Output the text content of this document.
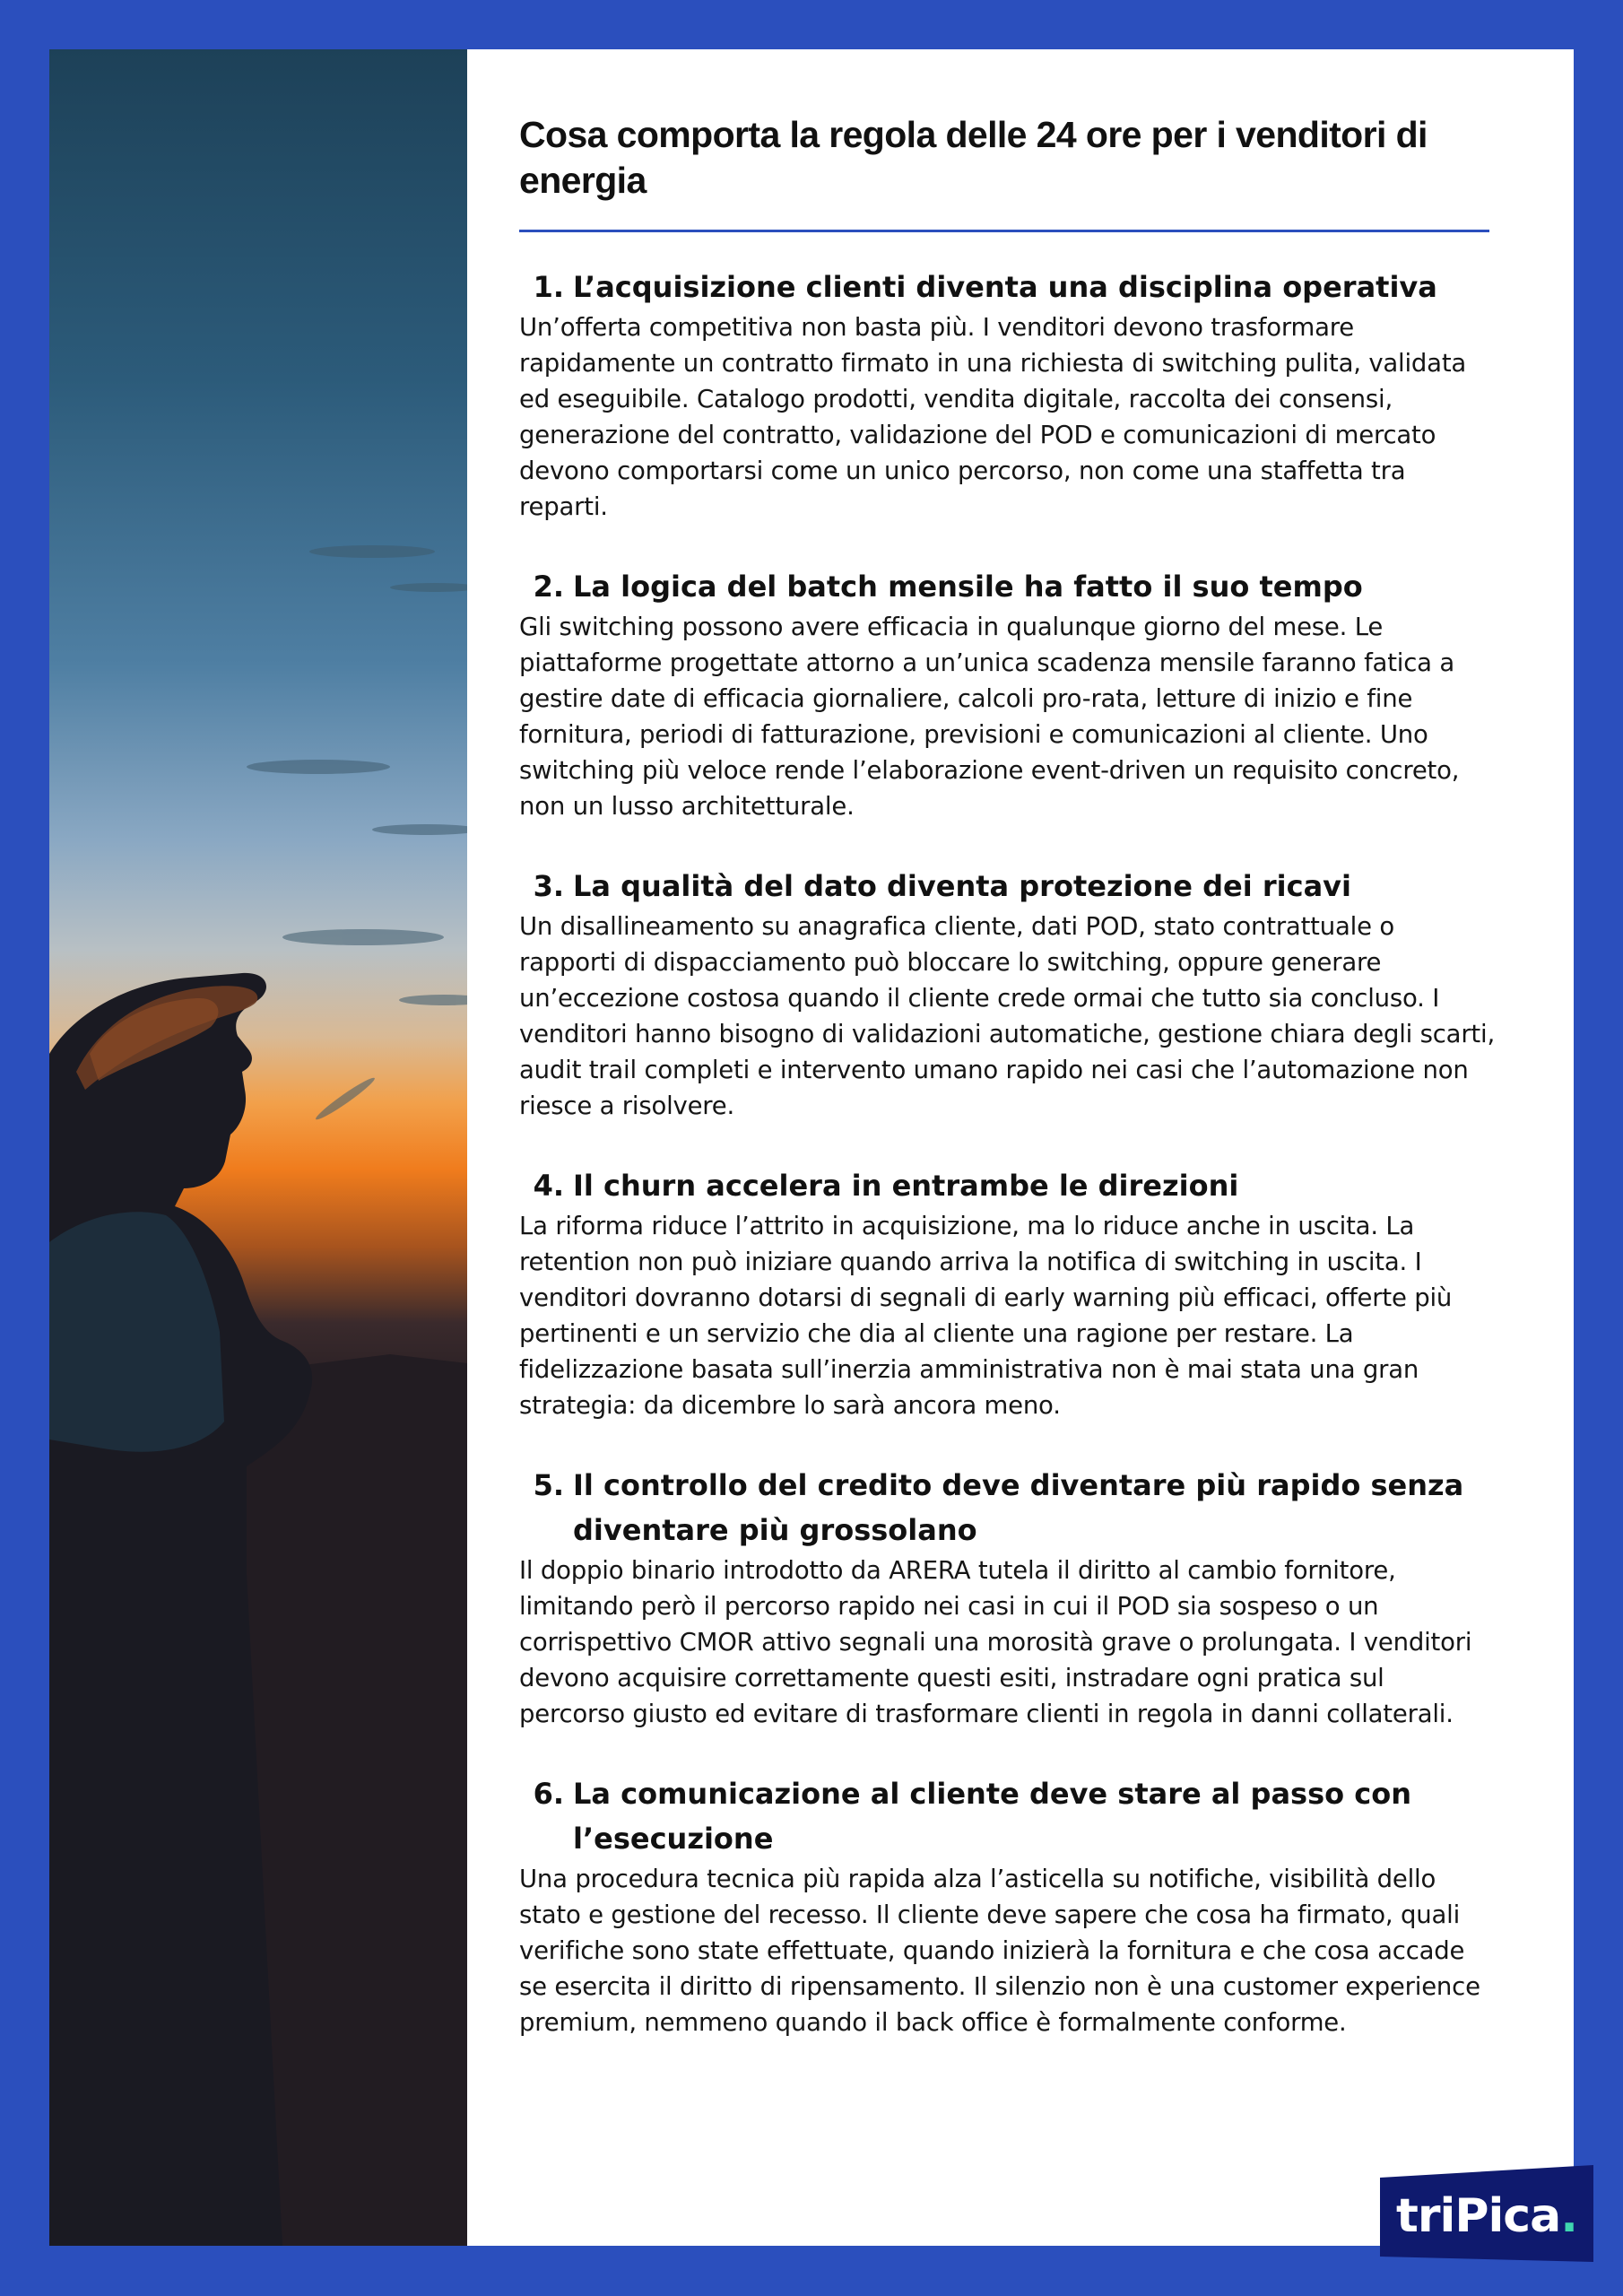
Cosa comporta la regola delle 24 ore per i venditori di energia
1. L’acquisizione clienti diventa una disciplina operativa

Un’offerta competitiva non basta più. I venditori devono trasformare rapidamente un contratto firmato in una richiesta di switching pulita, validata ed eseguibile. Catalogo prodotti, vendita digitale, raccolta dei consensi, generazione del contratto, validazione del POD e comunicazioni di mercato devono comportarsi come un unico percorso, non come una staffetta tra reparti.

2. La logica del batch mensile ha fatto il suo tempo

Gli switching possono avere efficacia in qualunque giorno del mese. Le piattaforme progettate attorno a un’unica scadenza mensile faranno fatica a gestire date di efficacia giornaliere, calcoli pro-rata, letture di inizio e fine fornitura, periodi di fatturazione, previsioni e comunicazioni al cliente. Uno switching più veloce rende l’elaborazione event-driven un requisito concreto, non un lusso architetturale.

3. La qualità del dato diventa protezione dei ricavi

Un disallineamento su anagrafica cliente, dati POD, stato contrattuale o rapporti di dispacciamento può bloccare lo switching, oppure generare un’eccezione costosa quando il cliente crede ormai che tutto sia concluso. I venditori hanno bisogno di validazioni automatiche, gestione chiara degli scarti, audit trail completi e intervento umano rapido nei casi che l’automazione non riesce a risolvere.

4. Il churn accelera in entrambe le direzioni

La riforma riduce l’attrito in acquisizione, ma lo riduce anche in uscita. La retention non può iniziare quando arriva la notifica di switching in uscita. I venditori dovranno dotarsi di segnali di early warning più efficaci, offerte più pertinenti e un servizio che dia al cliente una ragione per restare. La fidelizzazione basata sull’inerzia amministrativa non è mai stata una gran strategia: da dicembre lo sarà ancora meno.

5. Il controllo del credito deve diventare più rapido senza diventare più grossolano

Il doppio binario introdotto da ARERA tutela il diritto al cambio fornitore, limitando però il percorso rapido nei casi in cui il POD sia sospeso o un corrispettivo CMOR attivo segnali una morosità grave o prolungata. I venditori devono acquisire correttamente questi esiti, instradare ogni pratica sul percorso giusto ed evitare di trasformare clienti in regola in danni collaterali.

6. La comunicazione al cliente deve stare al passo con l’esecuzione

Una procedura tecnica più rapida alza l’asticella su notifiche, visibilità dello stato e gestione del recesso. Il cliente deve sapere che cosa ha firmato, quali verifiche sono state effettuate, quando inizierà la fornitura e che cosa accade se esercita il diritto di ripensamento. Il silenzio non è una customer experience premium, nemmeno quando il back office è formalmente conforme.

triPica .
